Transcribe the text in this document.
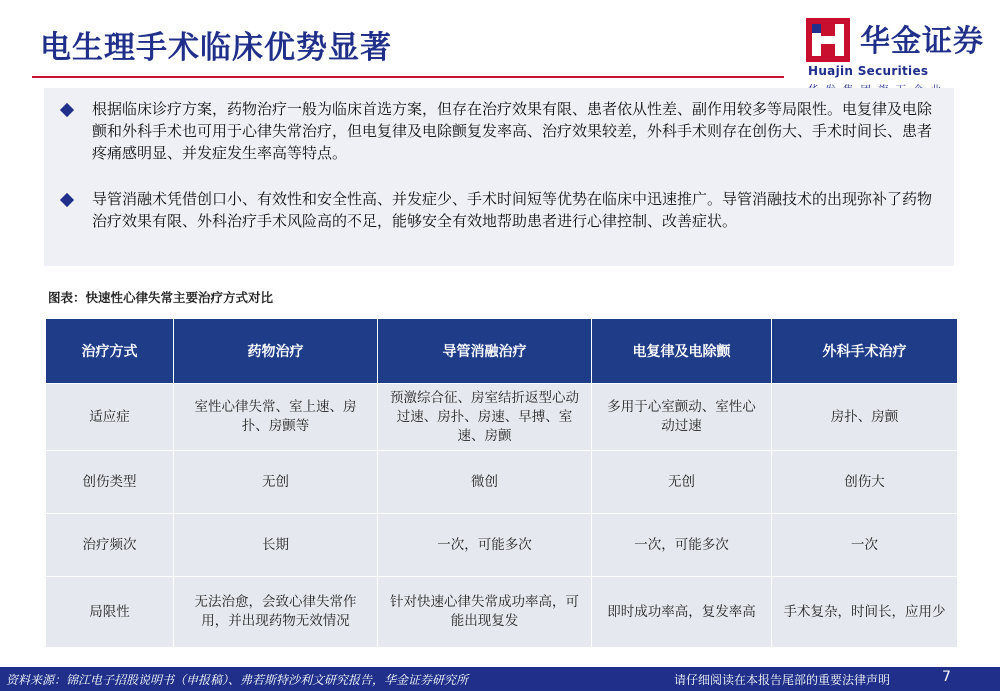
电生理手术临床优势显著	华金证券
Huajin Securities
根据临床诊疗方案，药物治疗一般为临床首选方案，但存在治疗效果有限、患者依从性差、副作用较多等局限性。电复律及电除颤和外科手术也可用于心律失常治疗，但电复律及电除颤复发率高、治疗效果较差，外科手术则存在创伤大、手术时间长、患者疼痛感明显、并发症发生率高等特点。
导管消融术凭借创口小、有效性和安全性高、并发症少、手术时间短等优势在临床中迅速推广。导管消融技术的出现弥补了药物治疗效果有限、外科治疗手术风险高的不足，能够安全有效地帮助患者进行心律控制、改善症状。
图表：快速性心律失常主要治疗方式对比
治疗方式	药物治疗	导管消融治疗	电复律及电除颤	外科手术治疗
适应症	室性心律失常、室上速、房扑、房颤等	预激综合征、房室结折返型心动过速、房扑、房速、早搏、室速、房颤	多用于心室颤动、室性心动过速	房扑、房颤
创伤类型	无创	微创	无创	创伤大
治疗频次	长期	一次，可能多次	一次，可能多次	一次
局限性	无法治愈，会致心律失常作用，并出现药物无效情况	针对快速心律失常成功率高，可能出现复发	即时成功率高，复发率高	手术复杂，时间长，应用少
资料来源：锦江电子招股说明书（申报稿）、弗若斯特沙利文研究报告，华金证券研究所	请仔细阅读在本报告尾部的重要法律声明	7
